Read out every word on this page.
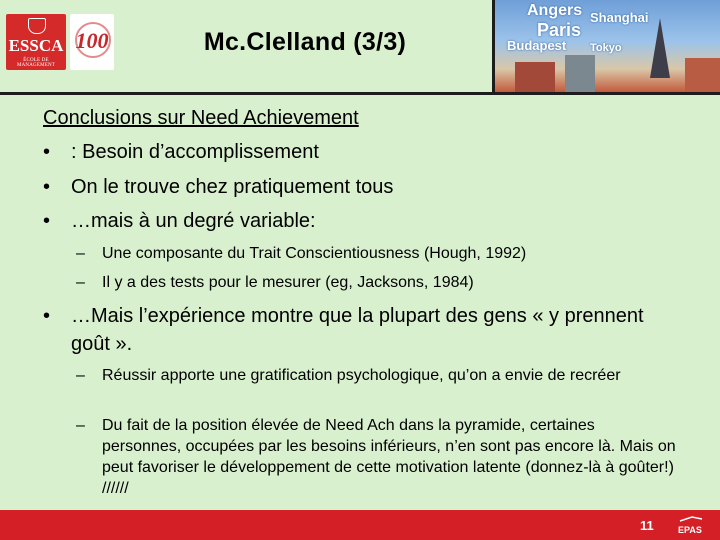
ESSCA
ÉCOLE DE MANAGEMENT
100	Mc.Clelland (3/3)
Angers Shanghai
Paris
Budapest Tokyo
Conclusions sur Need Achievement
• : Besoin d’accomplissement
• On le trouve chez pratiquement tous
• …mais à un degré variable:
–	Une composante du Trait Conscientiousness (Hough, 1992)
–	Il y a des tests pour le mesurer (eg, Jacksons, 1984)
•	…Mais l’expérience montre que la plupart des gens « y prennent goût ».
–	Réussir apporte une gratification psychologique, qu’on a envie de recréer
–	Du fait de la position élevée de Need Ach dans la pyramide, certaines personnes, occupées par les besoins inférieurs, n’en sont pas encore là. Mais on peut favoriser le développement de cette motivation latente (donnez-là à goûter!)        //////
11	EPAS
